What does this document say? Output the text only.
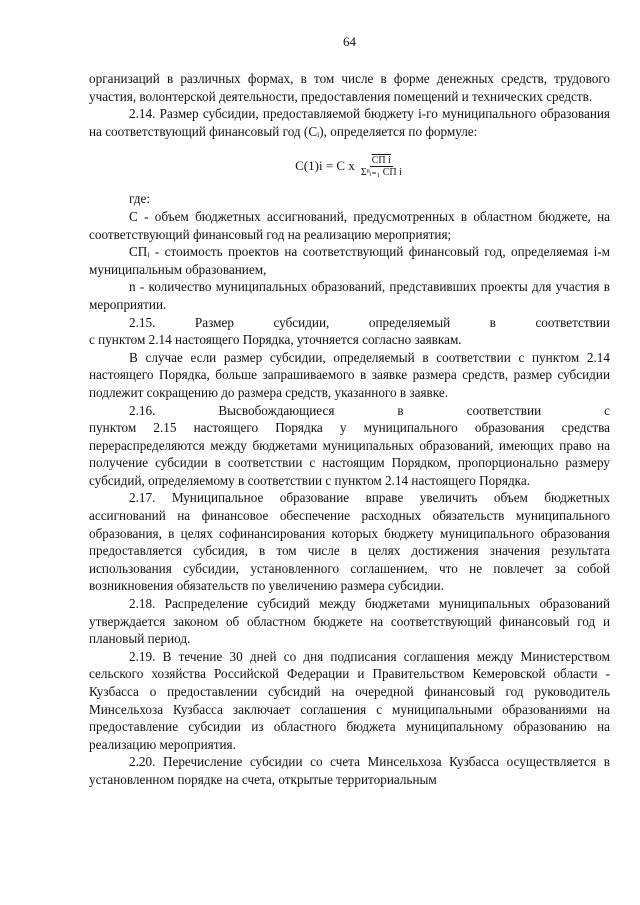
64

организаций в различных формах, в том числе в форме денежных средств, трудового участия, волонтерской деятельности, предоставления помещений и технических средств.

2.14. Размер субсидии, предоставляемой бюджету i-го муниципального образования на соответствующий финансовый год (Сᵢ), определяется по формуле:

C(1)i = C x $\frac{\text{СП i}}{\text{Σⁿᵢ₌₁ СП i}}$

где:

С - объем бюджетных ассигнований, предусмотренных в областном бюджете, на соответствующий финансовый год на реализацию мероприятия;

СПᵢ - стоимость проектов на соответствующий финансовый год, определяемая i-м муниципальным образованием,

n - количество муниципальных образований, представивших проекты для участия в мероприятии.

2.15.	Размер	субсидии,	определяемый	в	соответствии

с пунктом 2.14 настоящего Порядка, уточняется согласно заявкам.

В случае если размер субсидии, определяемый в соответствии с пунктом 2.14 настоящего Порядка, больше запрашиваемого в заявке размера средств, размер субсидии подлежит сокращению до размера средств, указанного в заявке.

2.16.	Высвобождающиеся	в	соответствии	с

пунктом 2.15 настоящего Порядка у муниципального образования средства перераспределяются между бюджетами муниципальных образований, имеющих право на получение субсидии в соответствии с настоящим Порядком, пропорционально размеру субсидий, определяемому в соответствии с пунктом 2.14 настоящего Порядка.

2.17. Муниципальное образование вправе увеличить объем бюджетных ассигнований на финансовое обеспечение расходных обязательств муниципального образования, в целях софинансирования которых бюджету муниципального образования предоставляется субсидия, в том числе в целях достижения значения результата использования субсидии, установленного соглашением, что не повлечет за собой возникновения обязательств по увеличению размера субсидии.

2.18. Распределение субсидий между бюджетами муниципальных образований утверждается законом об областном бюджете на соответствующий финансовый год и плановый период.

2.19. В течение 30 дней со дня подписания соглашения между Министерством сельского хозяйства Российской Федерации и Правительством Кемеровской области - Кузбасса о предоставлении субсидий на очередной финансовый год руководитель Минсельхоза Кузбасса заключает соглашения с муниципальными образованиями на предоставление субсидии из областного бюджета муниципальному образованию на реализацию мероприятия.

2.20. Перечисление субсидии со счета Минсельхоза Кузбасса осуществляется в установленном порядке на счета, открытые территориальным
